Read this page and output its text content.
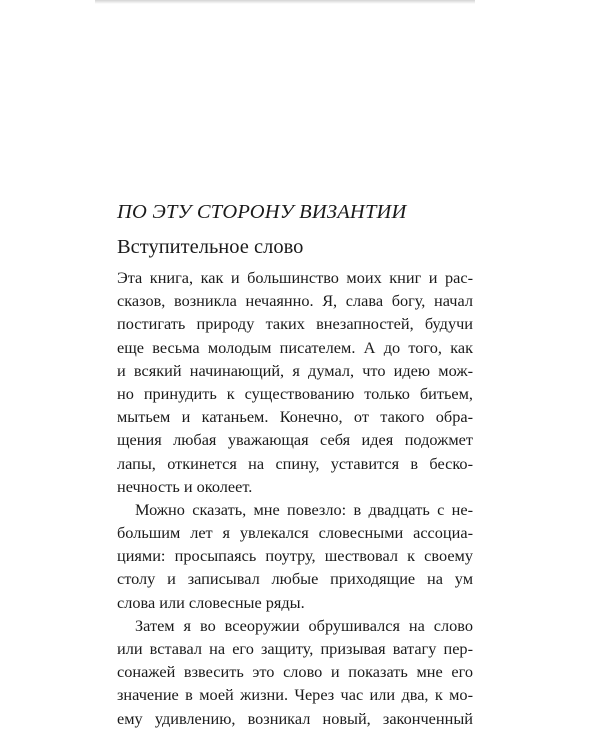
ПО ЭТУ СТОРОНУ ВИЗАНТИИ
Вступительное слово
Эта книга, как и большинство моих книг и рас-
сказов, возникла нечаянно. Я, слава богу, начал
постигать природу таких внезапностей, будучи
еще весьма молодым писателем. А до того, как
и всякий начинающий, я думал, что идею мож-
но принудить к существованию только битьем,
мытьем и катаньем. Конечно, от такого обра-
щения любая уважающая себя идея подожмет
лапы, откинется на спину, уставится в беско-
нечность и околеет.
Можно сказать, мне повезло: в двадцать с не-
большим лет я увлекался словесными ассоциа-
циями: просыпаясь поутру, шествовал к своему
столу и записывал любые приходящие на ум
слова или словесные ряды.
Затем я во всеоружии обрушивался на слово
или вставал на его защиту, призывая ватагу пер-
сонажей взвесить это слово и показать мне его
значение в моей жизни. Через час или два, к мо-
ему удивлению, возникал новый, законченный
